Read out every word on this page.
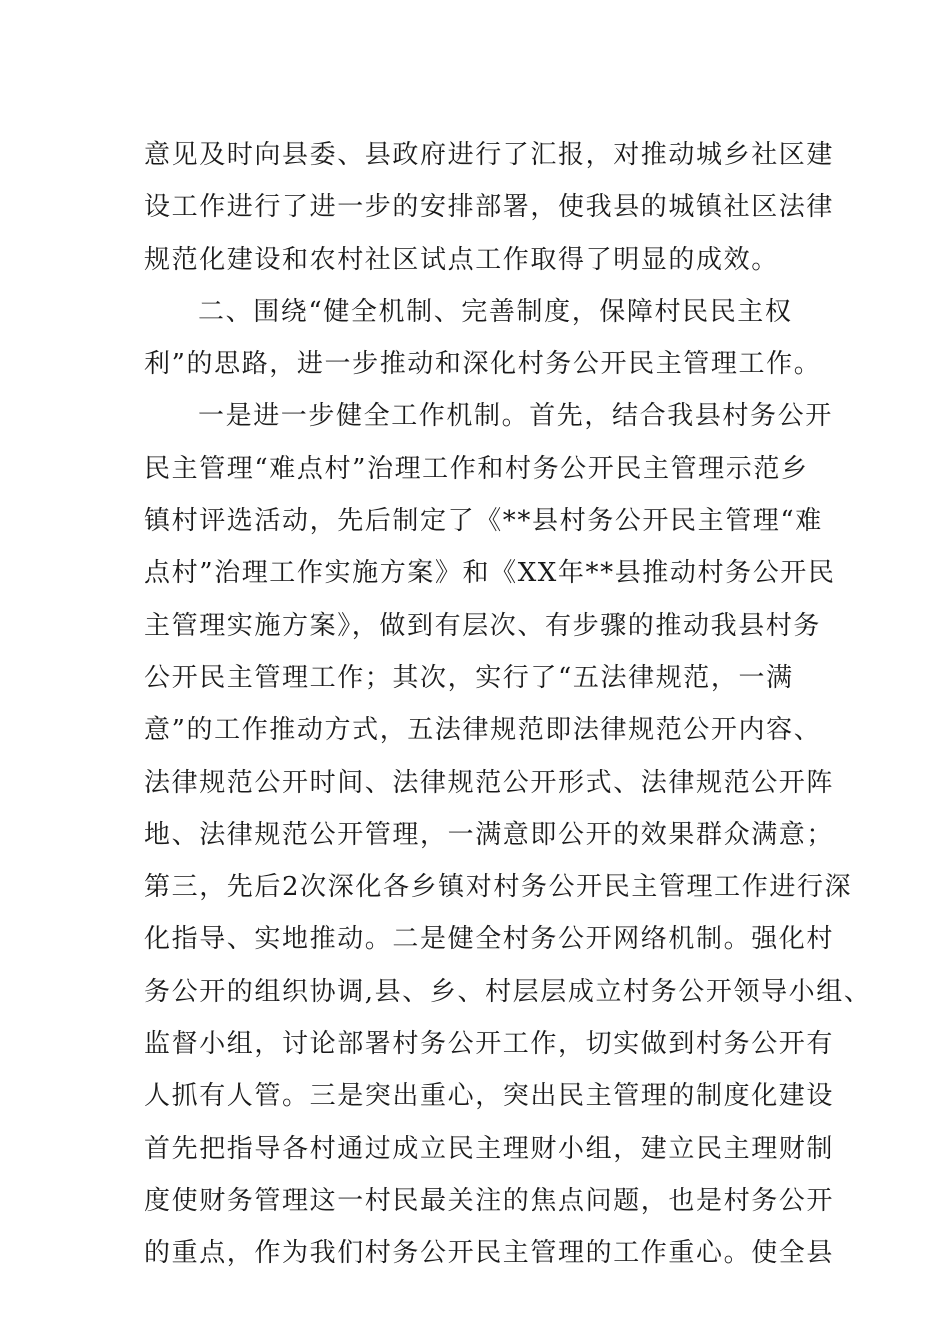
意见及时向县委、县政府进行了汇报，对推动城乡社区建
设工作进行了进一步的安排部署，使我县的城镇社区法律
规范化建设和农村社区试点工作取得了明显的成效。
二、围绕“健全机制、完善制度，保障村民民主权
利”的思路，进一步推动和深化村务公开民主管理工作。
一是进一步健全工作机制。首先，结合我县村务公开
民主管理“难点村”治理工作和村务公开民主管理示范乡
镇村评选活动，先后制定了《**县村务公开民主管理“难
点村”治理工作实施方案》和《XX年**县推动村务公开民
主管理实施方案》，做到有层次、有步骤的推动我县村务
公开民主管理工作；其次，实行了“五法律规范，一满
意”的工作推动方式，五法律规范即法律规范公开内容、
法律规范公开时间、法律规范公开形式、法律规范公开阵
地、法律规范公开管理，一满意即公开的效果群众满意；
第三，先后2次深化各乡镇对村务公开民主管理工作进行深
化指导、实地推动。二是健全村务公开网络机制。强化村
务公开的组织协调,县、乡、村层层成立村务公开领导小组、
监督小组，讨论部署村务公开工作，切实做到村务公开有
人抓有人管。三是突出重心，突出民主管理的制度化建设
首先把指导各村通过成立民主理财小组，建立民主理财制
度使财务管理这一村民最关注的焦点问题，也是村务公开
的重点，作为我们村务公开民主管理的工作重心。使全县
